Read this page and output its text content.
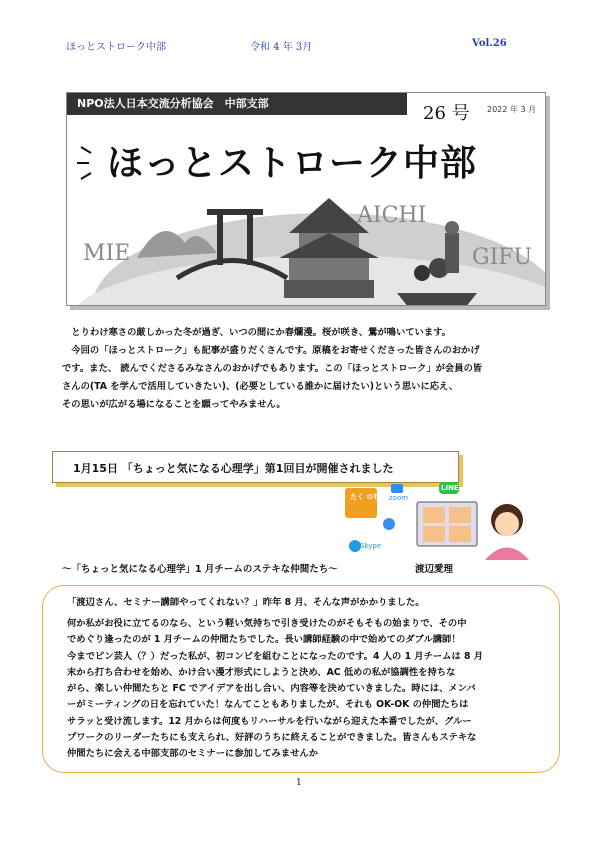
ほっとストローク中部	令和 4 年 3月	Vol.26
NPO法人日本交流分析協会　中部支部	26 号 2022 年 3 月
ほっとストローク中部
MIE
AICHI
GIFU
　とりわけ寒さの厳しかった冬が過ぎ、いつの間にか春爛漫。桜が咲き、鶯が鳴いています。
　今回の「ほっとストローク」も記事が盛りだくさんです。原稿をお寄せくださった皆さんのおかげ
です。また、 読んでくださるみなさんのおかげでもあります。この「ほっとストローク」が会員の皆
さんの(TA を学んで活用していきたい)、(必要としている誰かに届けたい)という思いに応え、
その思いが広がる場になることを願ってやみません。
1月15日 「ちょっと気になる心理学」第1回目が開催されました
たく のむ zoom
LINE
Skype
～「ちょっと気になる心理学」1 月チームのステキな仲間たち～	渡辺愛理
「渡辺さん、セミナー講師やってくれない？」昨年 8 月、そんな声がかかりました。
何か私がお役に立てるのなら、という軽い気持ちで引き受けたのがそもそもの始まりで、その中
でめぐり逢ったのが 1 月チームの仲間たちでした。長い講師経験の中で始めてのダブル講師！
今までピン芸人（？）だった私が、初コンビを組むことになったのです。4 人の 1 月チームは 8 月
末から打ち合わせを始め、かけ合い漫才形式にしようと決め、AC 低めの私が協調性を持ちな
がら、楽しい仲間たちと FC でアイデアを出し合い、内容等を決めていきました。時には、メンバ
ーがミーティングの日を忘れていた！なんてこともありましたが、それも OK-OK の仲間たちは
サラッと受け流します。12 月からは何度もリハーサルを行いながら迎えた本番でしたが、グルー
プワークのリーダーたちにも支えられ、好評のうちに終えることができました。皆さんもステキな
仲間たちに会える中部支部のセミナーに参加してみませんか
1
